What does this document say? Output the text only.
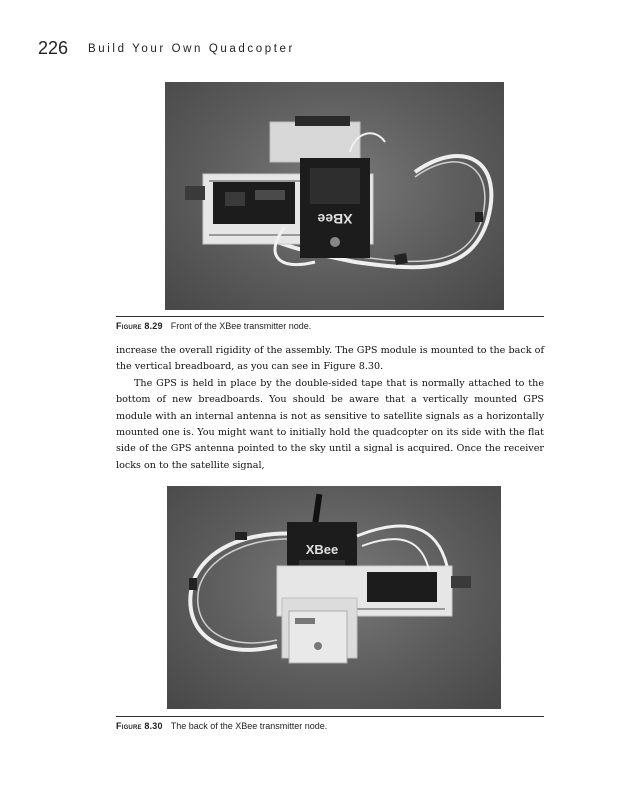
226 Build Your Own Quadcopter
XBee
Figure 8.29 Front of the XBee transmitter node.

increase the overall rigidity of the assembly. The GPS module is mounted to the back of the vertical breadboard, as you can see in Figure 8.30.

The GPS is held in place by the double-sided tape that is normally attached to the bottom of new breadboards. You should be aware that a vertically mounted GPS module with an internal antenna is not as sensitive to satellite signals as a horizontally mounted one is. You might want to initially hold the quadcopter on its side with the flat side of the GPS antenna pointed to the sky until a signal is acquired. Once the receiver locks on to the satellite signal,

XBee
Figure 8.30 The back of the XBee transmitter node.
